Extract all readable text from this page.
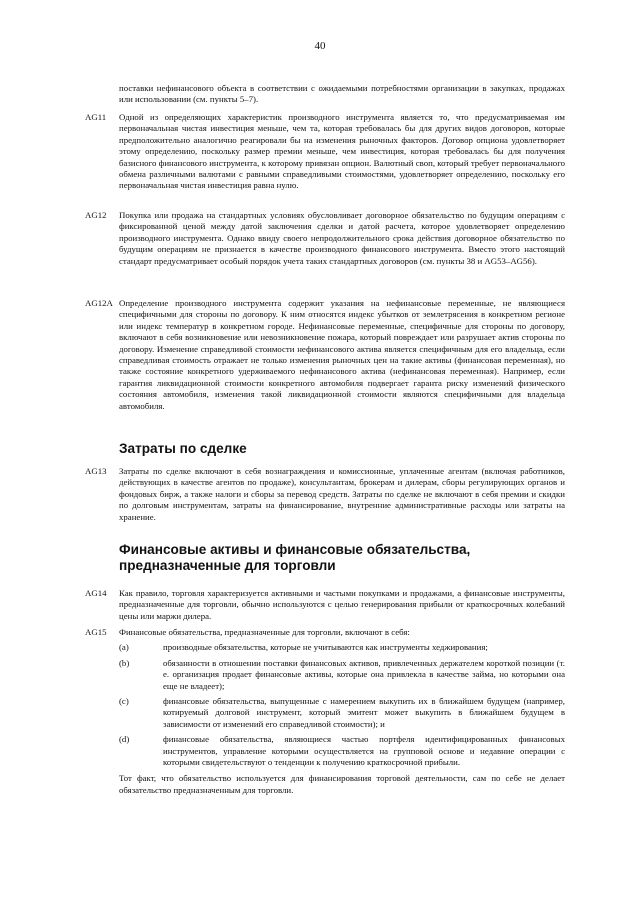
40
поставки нефинансового объекта в соответствии с ожидаемыми потребностями организации в закупках, продажах или использовании (см. пункты 5–7).
AG11	Одной из определяющих характеристик производного инструмента является то, что предусматриваемая им первоначальная чистая инвестиция меньше, чем та, которая требовалась бы для других видов договоров, которые предположительно аналогично реагировали бы на изменения рыночных факторов. Договор опциона удовлетворяет этому определению, поскольку размер премии меньше, чем инвестиция, которая требовалась бы для получения базисного финансового инструмента, к которому привязан опцион. Валютный своп, который требует первоначального обмена различными валютами с равными справедливыми стоимостями, удовлетворяет определению, поскольку его первоначальная чистая инвестиция равна нулю.
AG12	Покупка или продажа на стандартных условиях обусловливает договорное обязательство по будущим операциям с фиксированной ценой между датой заключения сделки и датой расчета, которое удовлетворяет определению производного инструмента. Однако ввиду своего непродолжительного срока действия договорное обязательство по будущим операциям не признается в качестве производного финансового инструмента. Вместо этого настоящий стандарт предусматривает особый порядок учета таких стандартных договоров (см. пункты 38 и AG53–AG56).
AG12A Определение производного инструмента содержит указания на нефинансовые переменные, не являющиеся специфичными для стороны по договору. К ним относятся индекс убытков от землетрясения в конкретном регионе или индекс температур в конкретном городе. Нефинансовые переменные, специфичные для стороны по договору, включают в себя возникновение или невозникновение пожара, который повреждает или разрушает актив стороны по договору. Изменение справедливой стоимости нефинансового актива является специфичным для его владельца, если справедливая стоимость отражает не только изменения рыночных цен на такие активы (финансовая переменная), но также состояние конкретного удерживаемого нефинансового актива (нефинансовая переменная). Например, если гарантия ликвидационной стоимости конкретного автомобиля подвергает гаранта риску изменений физического состояния автомобиля, изменения такой ликвидационной стоимости являются специфичными для владельца автомобиля.
Затраты по сделке
AG13	Затраты по сделке включают в себя вознаграждения и комиссионные, уплаченные агентам (включая работников, действующих в качестве агентов по продаже), консультантам, брокерам и дилерам, сборы регулирующих органов и фондовых бирж, а также налоги и сборы за перевод средств. Затраты по сделке не включают в себя премии и скидки по долговым инструментам, затраты на финансирование, внутренние административные расходы или затраты на хранение.
Финансовые активы и финансовые обязательства, предназначенные для торговли
AG14	Как правило, торговля характеризуется активными и частыми покупками и продажами, а финансовые инструменты, предназначенные для торговли, обычно используются с целью генерирования прибыли от краткосрочных колебаний цены или маржи дилера.
AG15	Финансовые обязательства, предназначенные для торговли, включают в себя:
(a)	производные обязательства, которые не учитываются как инструменты хеджирования;
(b)	обязанности в отношении поставки финансовых активов, привлеченных держателем короткой позиции (т. е. организация продает финансовые активы, которые она привлекла в качестве займа, но которыми она еще не владеет);
(c)	финансовые обязательства, выпущенные с намерением выкупить их в ближайшем будущем (например, котируемый долговой инструмент, который эмитент может выкупить в ближайшем будущем в зависимости от изменений его справедливой стоимости); и
(d)	финансовые обязательства, являющиеся частью портфеля идентифицированных финансовых инструментов, управление которыми осуществляется на групповой основе и недавние операции с которыми свидетельствуют о тенденции к получению краткосрочной прибыли.
Тот факт, что обязательство используется для финансирования торговой деятельности, сам по себе не делает обязательство предназначенным для торговли.
